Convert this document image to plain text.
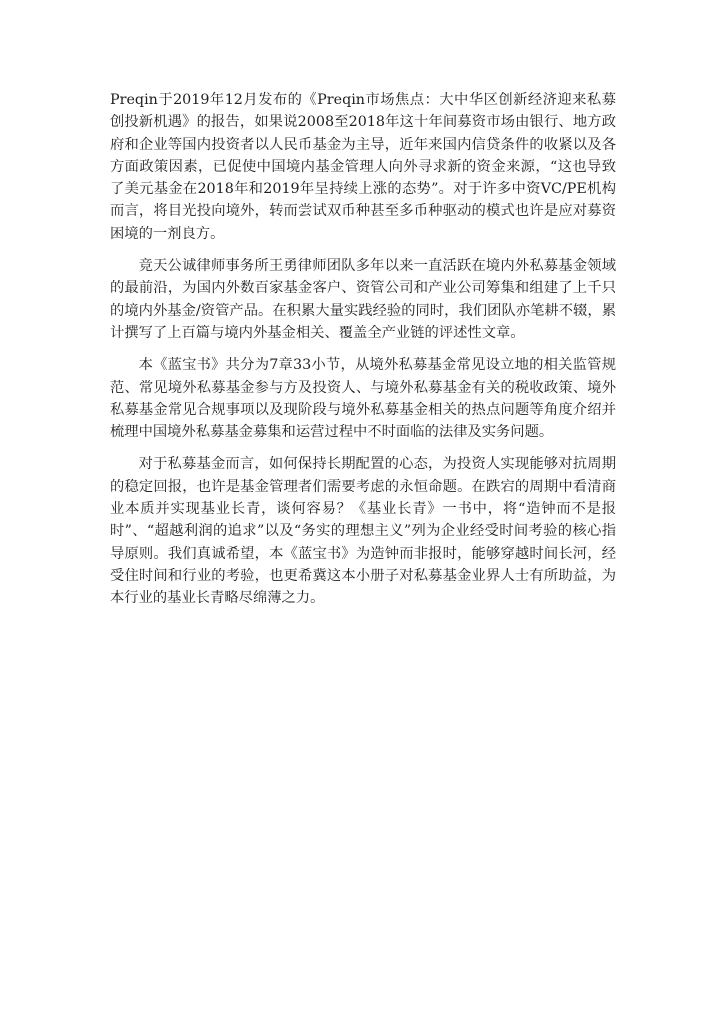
Preqin于2019年12月发布的《Preqin市场焦点：大中华区创新经济迎来私募创投新机遇》的报告，如果说2008至2018年这十年间募资市场由银行、地方政府和企业等国内投资者以人民币基金为主导，近年来国内信贷条件的收紧以及各方面政策因素，已促使中国境内基金管理人向外寻求新的资金来源，“这也导致了美元基金在2018年和2019年呈持续上涨的态势”。对于许多中资VC/PE机构而言，将目光投向境外，转而尝试双币种甚至多币种驱动的模式也许是应对募资困境的一剂良方。

竞天公诚律师事务所王勇律师团队多年以来一直活跃在境内外私募基金领域的最前沿，为国内外数百家基金客户、资管公司和产业公司筹集和组建了上千只的境内外基金/资管产品。在积累大量实践经验的同时，我们团队亦笔耕不辍，累计撰写了上百篇与境内外基金相关、覆盖全产业链的评述性文章。

本《蓝宝书》共分为7章33小节，从境外私募基金常见设立地的相关监管规范、常见境外私募基金参与方及投资人、与境外私募基金有关的税收政策、境外私募基金常见合规事项以及现阶段与境外私募基金相关的热点问题等角度介绍并梳理中国境外私募基金募集和运营过程中不时面临的法律及实务问题。

对于私募基金而言，如何保持长期配置的心态，为投资人实现能够对抗周期的稳定回报，也许是基金管理者们需要考虑的永恒命题。在跌宕的周期中看清商业本质并实现基业长青，谈何容易？《基业长青》一书中，将“造钟而不是报时”、“超越利润的追求”以及“务实的理想主义”列为企业经受时间考验的核心指导原则。我们真诚希望，本《蓝宝书》为造钟而非报时，能够穿越时间长河，经受住时间和行业的考验，也更希冀这本小册子对私募基金业界人士有所助益，为本行业的基业长青略尽绵薄之力。
